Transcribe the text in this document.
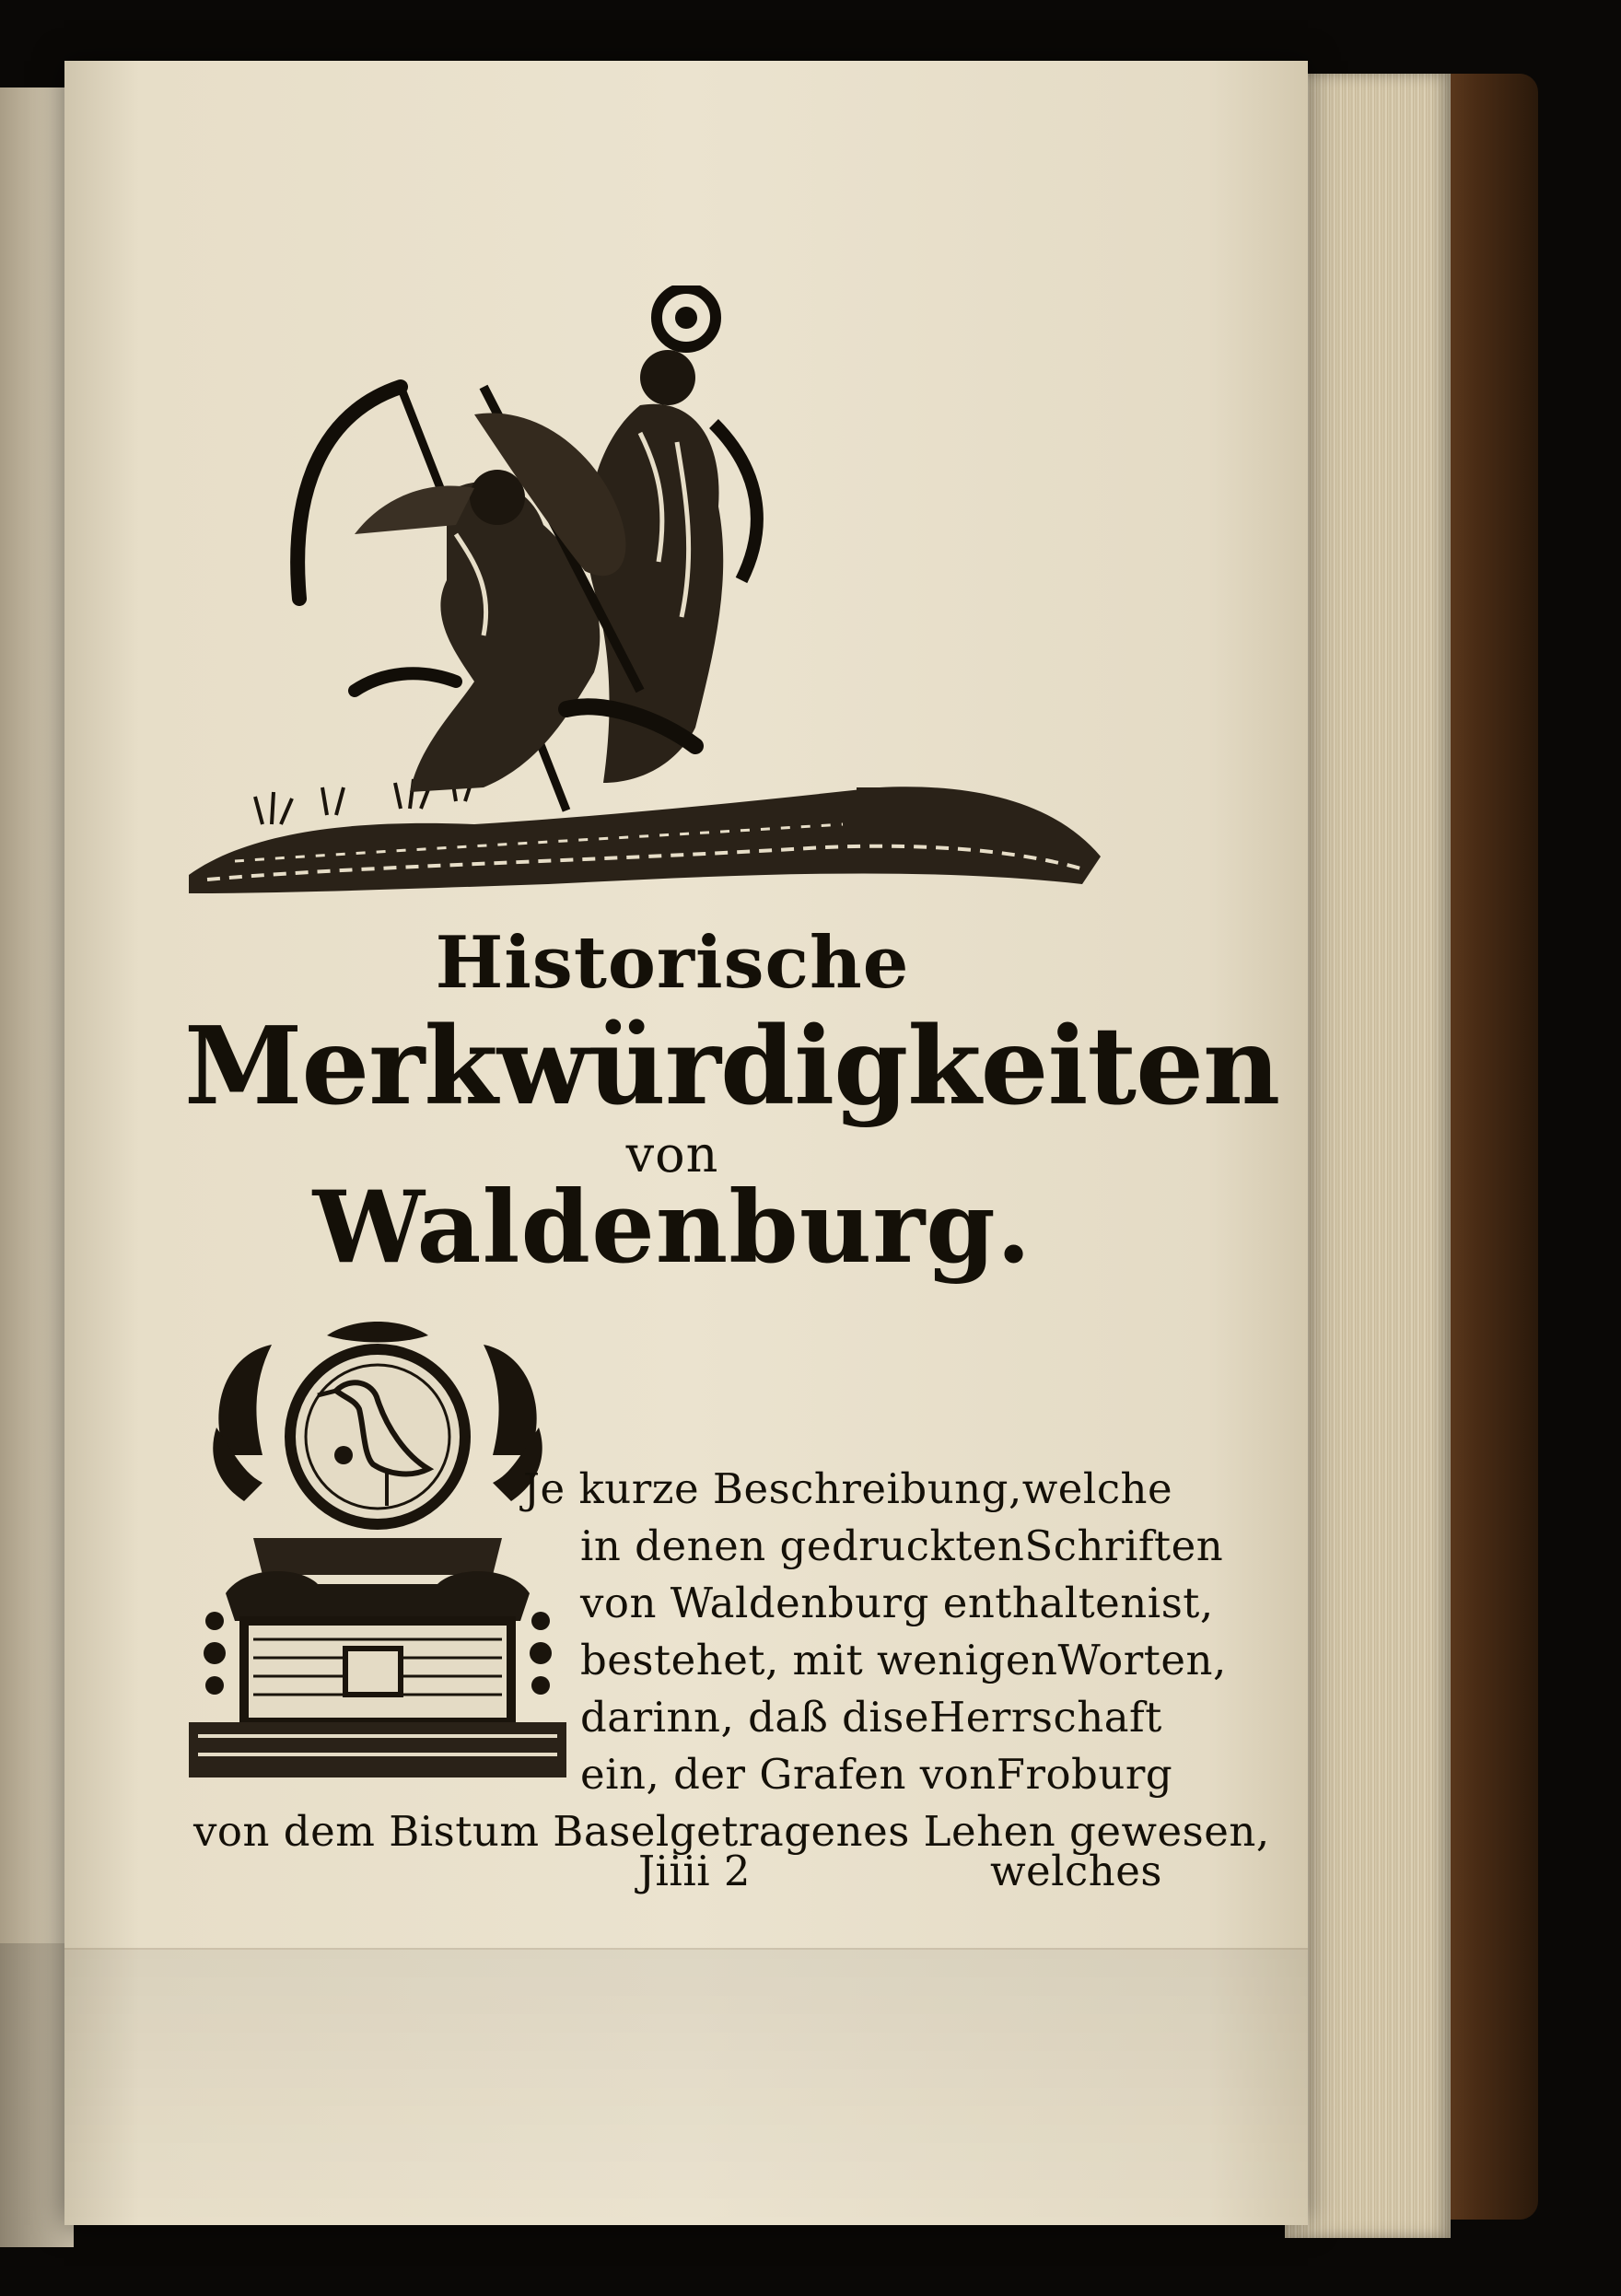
Historische
Merkwürdigkeiten
von
Waldenburg.
Je kurze Beschreibung, welche
in denen gedruckten Schriften
von Waldenburg enthalten ist,
bestehet, mit wenigen Worten,
darinn, daß dise Herrschaft
ein, der Grafen von Froburg
von dem Bistum Basel getragenes Lehen gewesen,
Jiiii 2	welches
